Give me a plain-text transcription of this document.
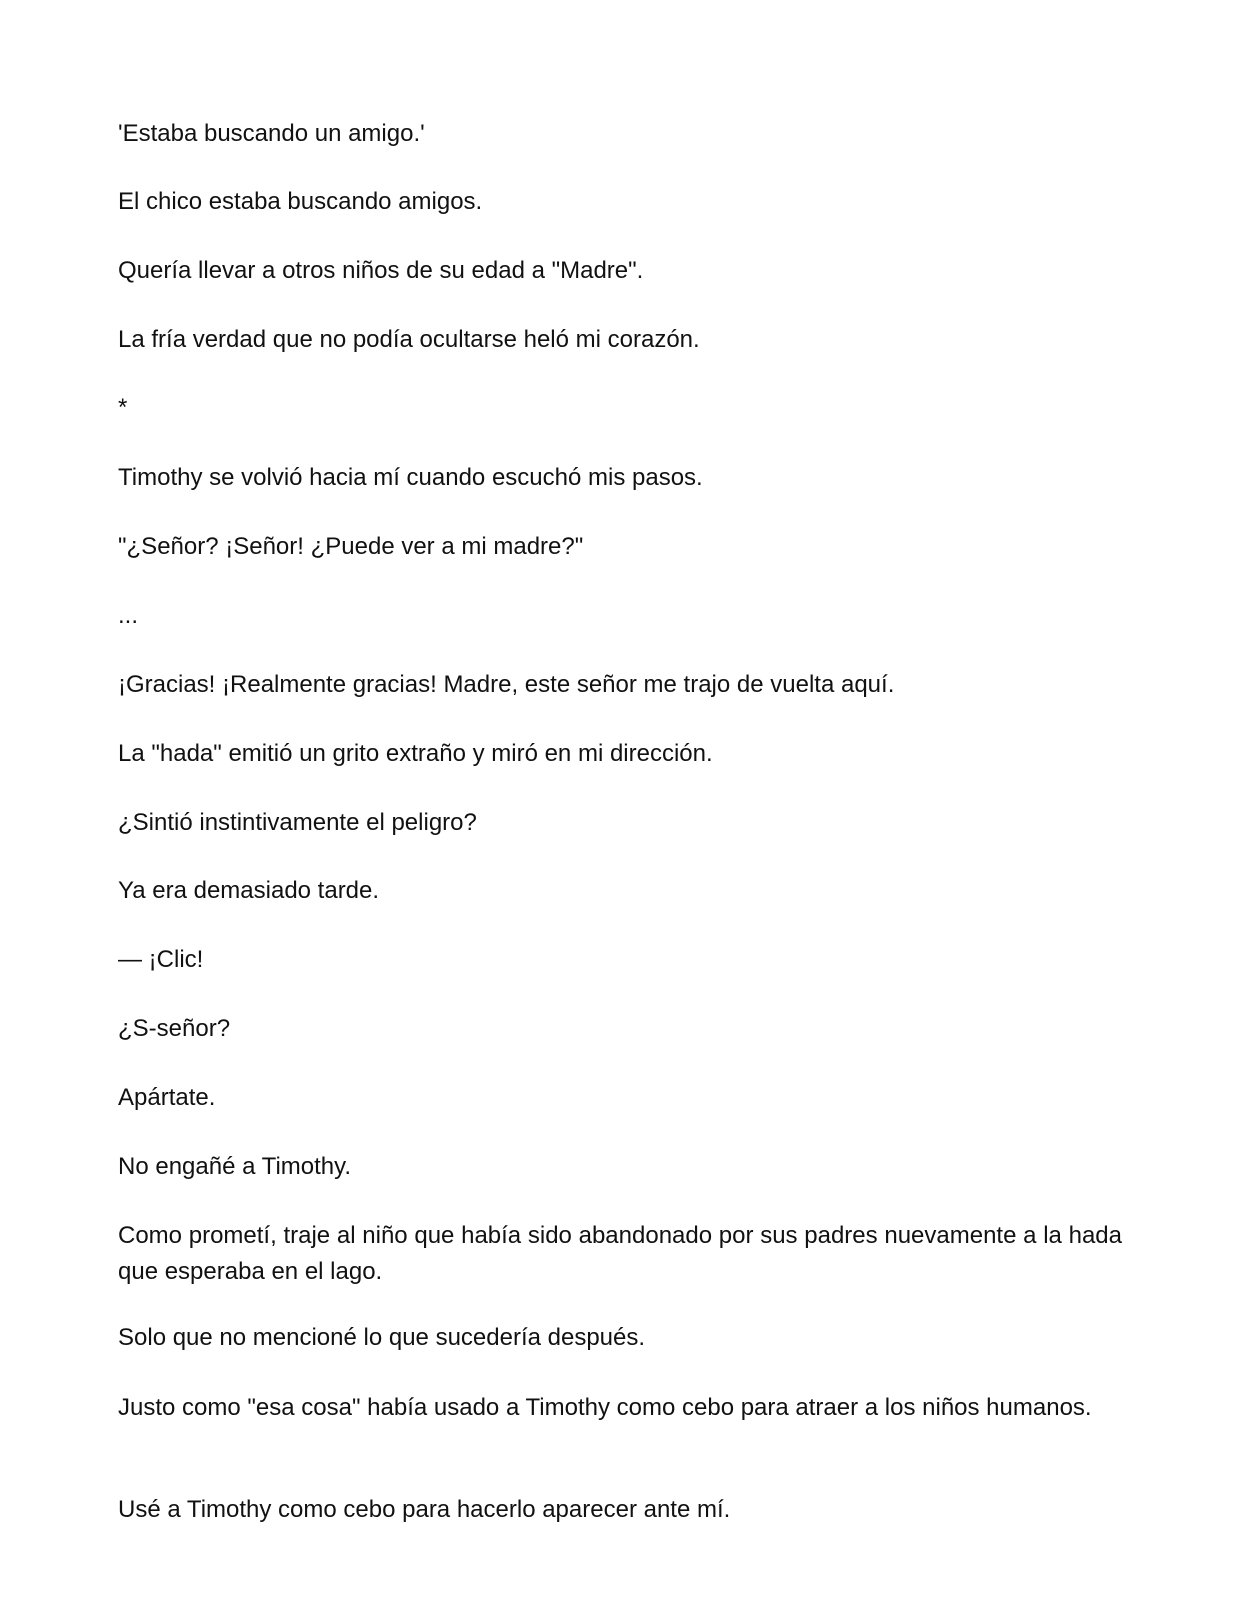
'Estaba buscando un amigo.'

El chico estaba buscando amigos.

Quería llevar a otros niños de su edad a "Madre".

La fría verdad que no podía ocultarse heló mi corazón.

*

Timothy se volvió hacia mí cuando escuchó mis pasos.

"¿Señor? ¡Señor! ¿Puede ver a mi madre?"

...

¡Gracias! ¡Realmente gracias! Madre, este señor me trajo de vuelta aquí.

La "hada" emitió un grito extraño y miró en mi dirección.

¿Sintió instintivamente el peligro?

Ya era demasiado tarde.

— ¡Clic!

¿S-señor?

Apártate.

No engañé a Timothy.

Como prometí, traje al niño que había sido abandonado por sus padres nuevamente a la hada que esperaba en el lago.

Solo que no mencioné lo que sucedería después.

Justo como "esa cosa" había usado a Timothy como cebo para atraer a los niños humanos.

Usé a Timothy como cebo para hacerlo aparecer ante mí.
